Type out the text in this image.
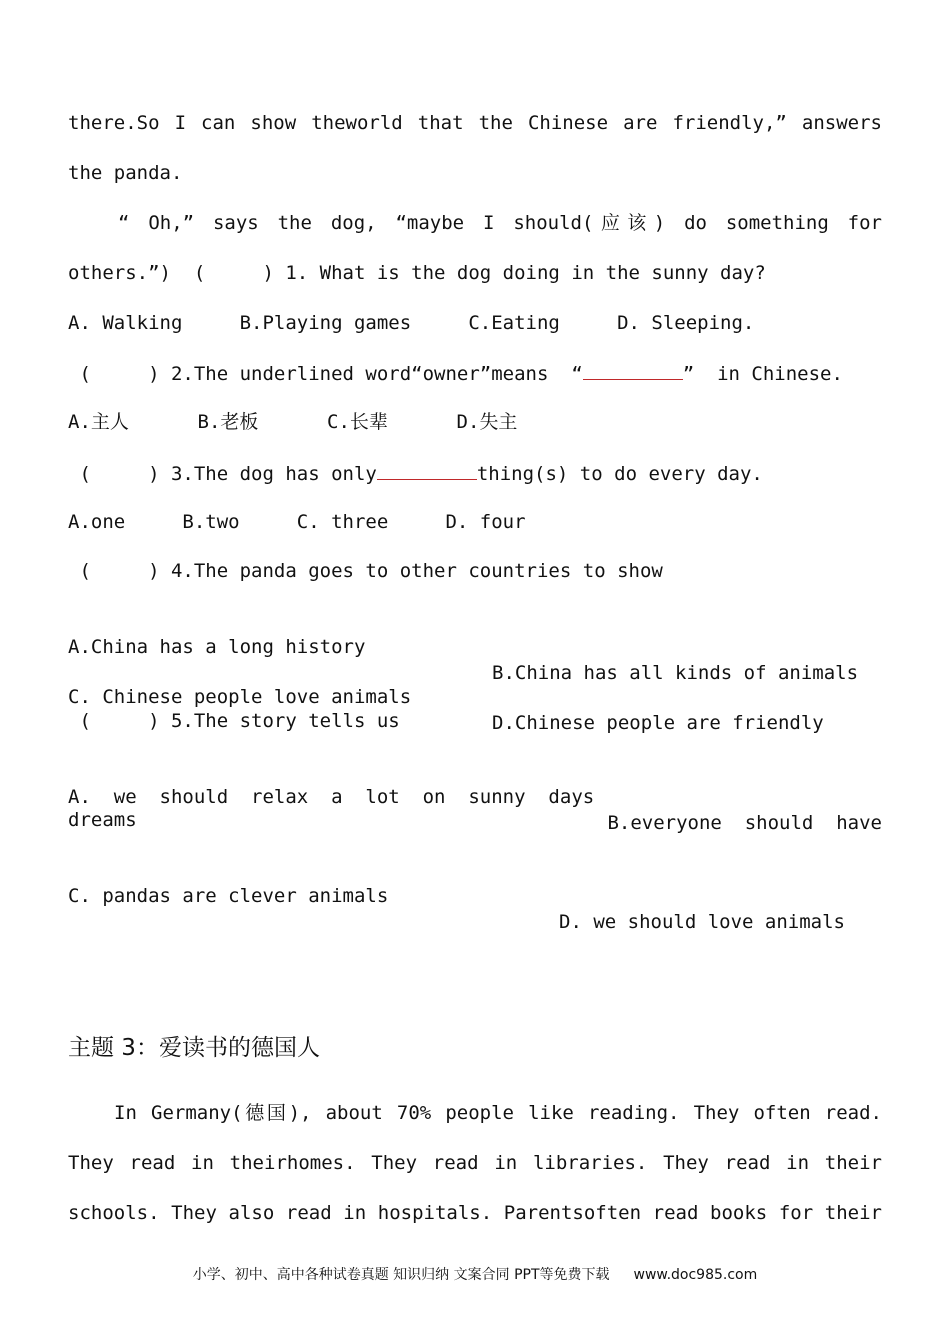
there.So I can show theworld that the Chinese are friendly,” answers
the panda.
“ Oh,” says the dog, “maybe I should(应该) do something for
others.”)  (     ) 1. What is the dog doing in the sunny day?
A. Walking     B.Playing games     C.Eating     D. Sleeping.
(     ) 2.The underlined word“owner”means  “	”  in Chinese.
A.主人      B.老板      C.长辈      D.失主
(     ) 3.The dog has only	thing(s) to do every day.
A.one     B.two     C. three     D. four
(     ) 4.The panda goes to other countries to show

A.China has a long history

B.China has all kinds of animals

C. Chinese people love animals

D.Chinese people are friendly

(     ) 5.The story tells us

A.  we  should  relax  a  lot  on  sunny  days

B.everyone  should  have

dreams

C. pandas are clever animals

D. we should love animals

主题 3：爱读书的德国人
In Germany(德国), about 70% people like reading. They often read.
They read in theirhomes. They read in libraries. They read in their
schools. They also read in hospitals. Parentsoften read books for their
小学、初中、高中各种试卷真题 知识归纳 文案合同 PPT等免费下载 www.doc985.com
